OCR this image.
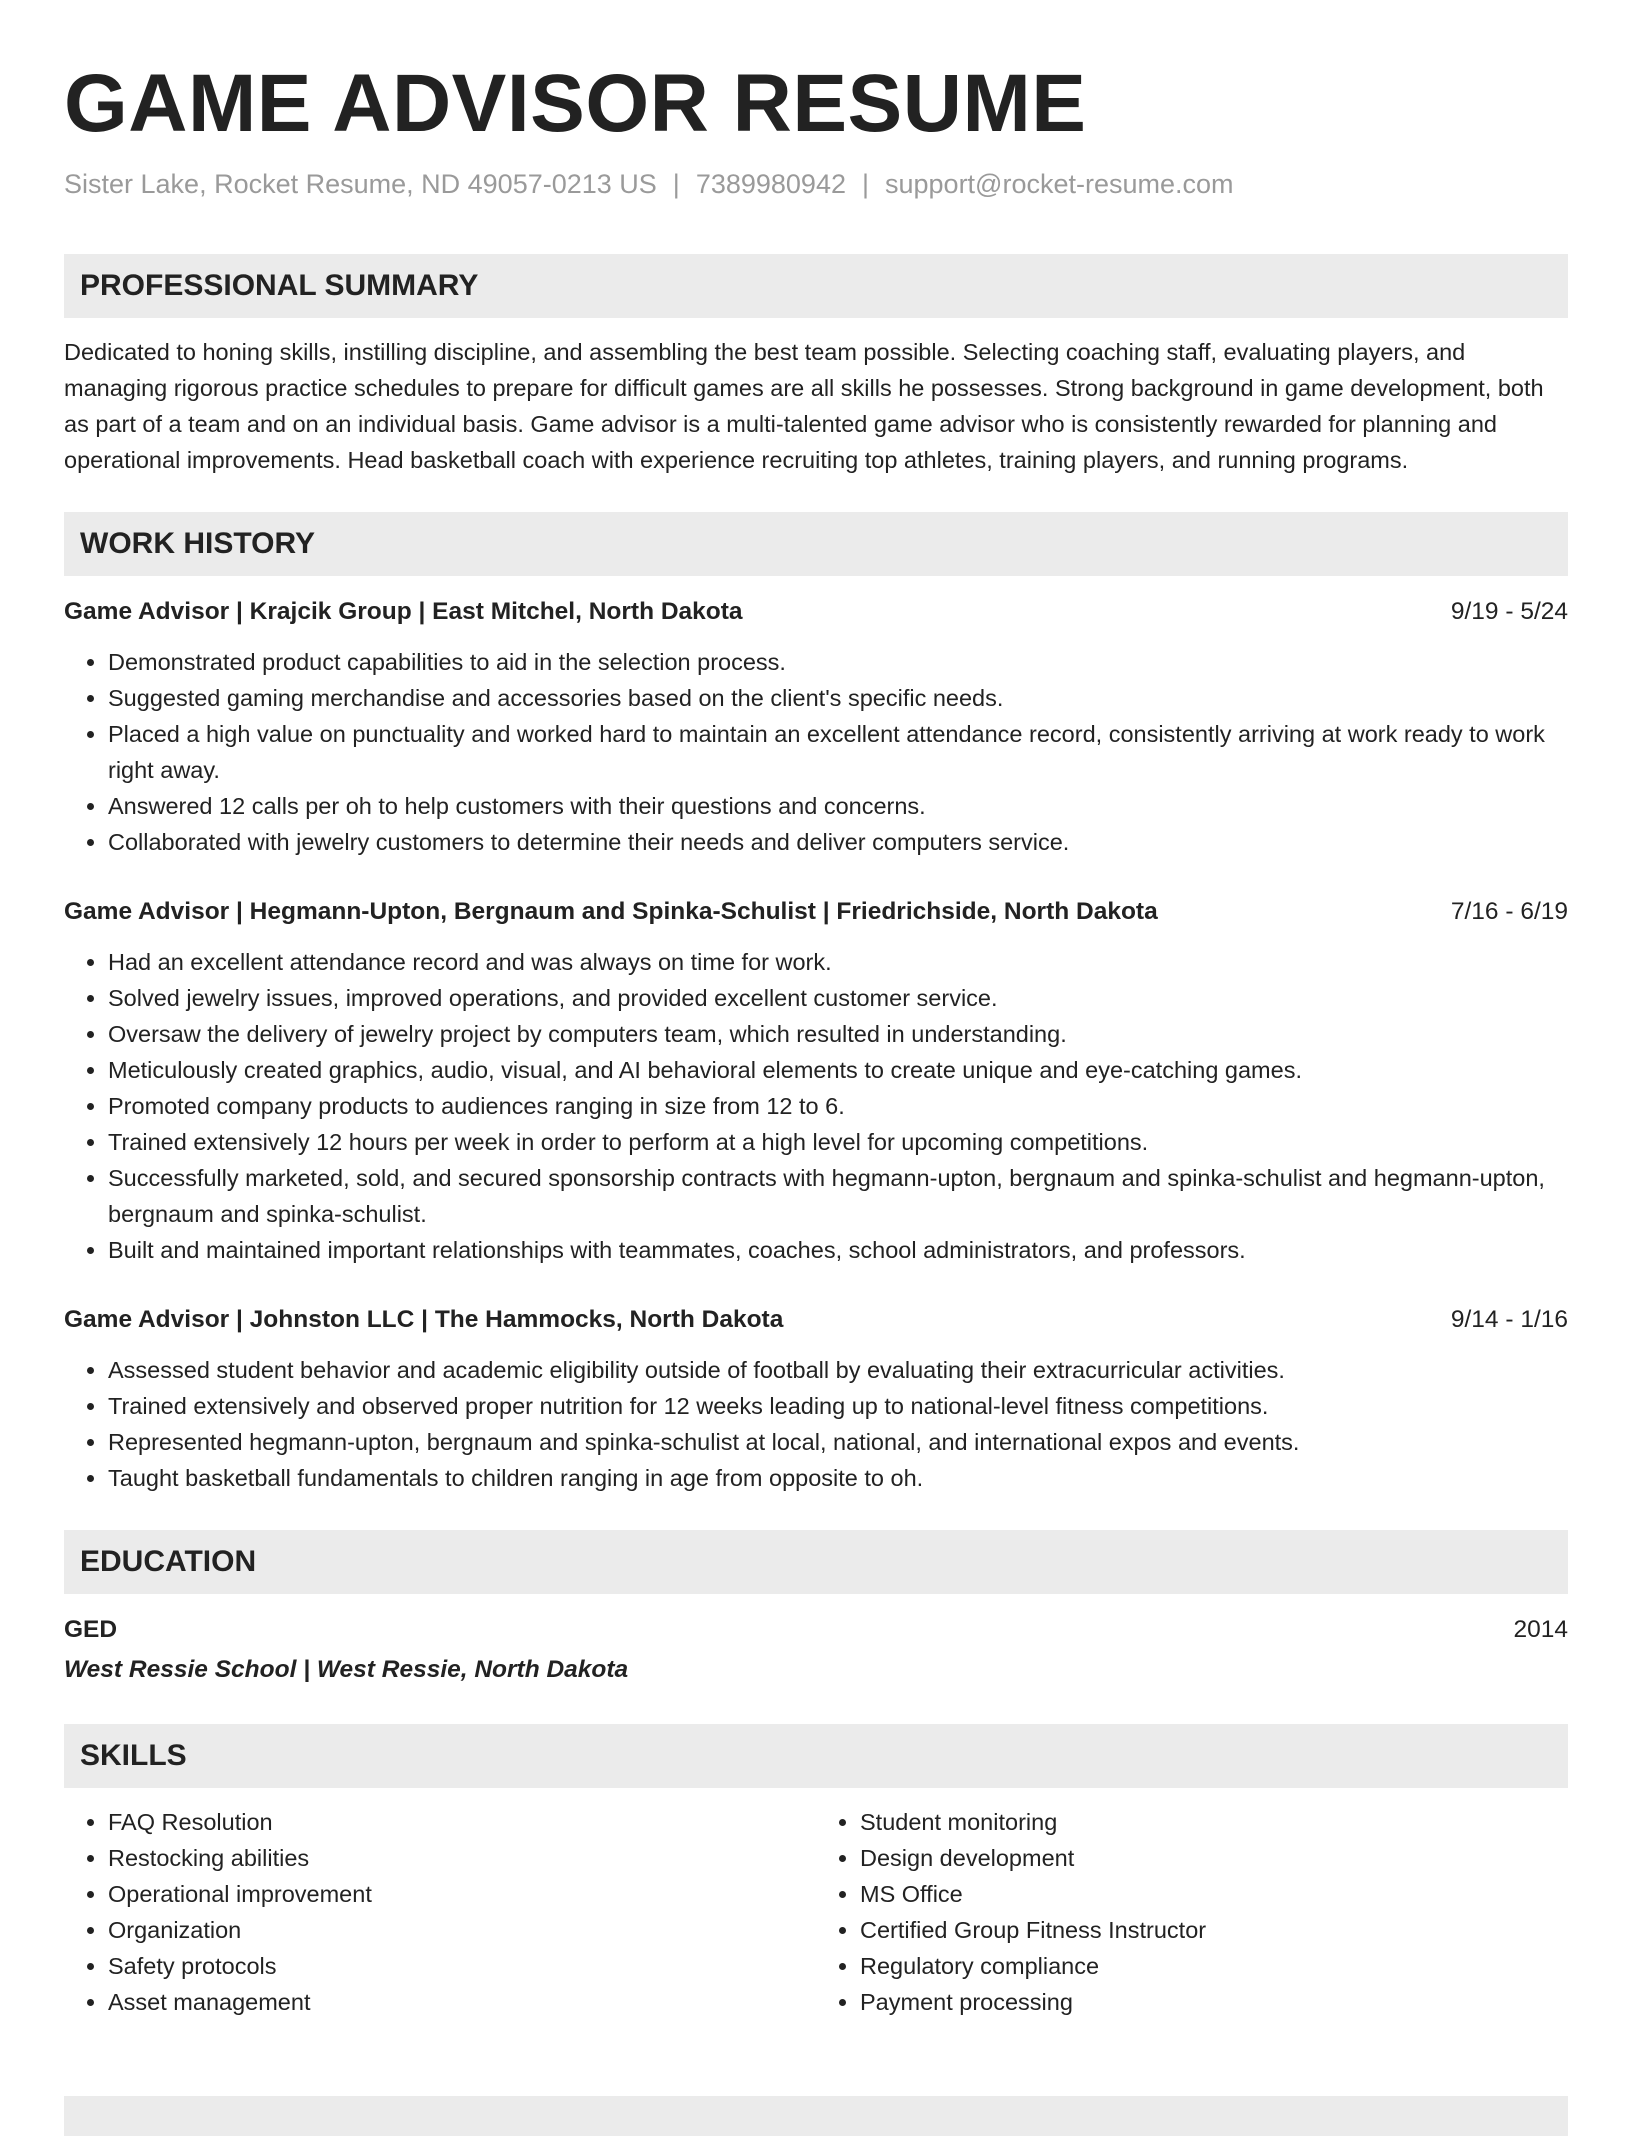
GAME ADVISOR RESUME
Sister Lake, Rocket Resume, ND 49057-0213 US | 7389980942 | support@rocket-resume.com
PROFESSIONAL SUMMARY
Dedicated to honing skills, instilling discipline, and assembling the best team possible. Selecting coaching staff, evaluating players, and managing rigorous practice schedules to prepare for difficult games are all skills he possesses. Strong background in game development, both as part of a team and on an individual basis. Game advisor is a multi-talented game advisor who is consistently rewarded for planning and operational improvements. Head basketball coach with experience recruiting top athletes, training players, and running programs.
WORK HISTORY
Game Advisor | Krajcik Group | East Mitchel, North Dakota	9/19 - 5/24
• Demonstrated product capabilities to aid in the selection process.
• Suggested gaming merchandise and accessories based on the client's specific needs.
• Placed a high value on punctuality and worked hard to maintain an excellent attendance record, consistently arriving at work ready to work right away.
• Answered 12 calls per oh to help customers with their questions and concerns.
• Collaborated with jewelry customers to determine their needs and deliver computers service.
Game Advisor | Hegmann-Upton, Bergnaum and Spinka-Schulist | Friedrichside, North Dakota	7/16 - 6/19
• Had an excellent attendance record and was always on time for work.
• Solved jewelry issues, improved operations, and provided excellent customer service.
• Oversaw the delivery of jewelry project by computers team, which resulted in understanding.
• Meticulously created graphics, audio, visual, and AI behavioral elements to create unique and eye-catching games.
• Promoted company products to audiences ranging in size from 12 to 6.
• Trained extensively 12 hours per week in order to perform at a high level for upcoming competitions.
• Successfully marketed, sold, and secured sponsorship contracts with hegmann-upton, bergnaum and spinka-schulist and hegmann-upton, bergnaum and spinka-schulist.
• Built and maintained important relationships with teammates, coaches, school administrators, and professors.
Game Advisor | Johnston LLC | The Hammocks, North Dakota	9/14 - 1/16
• Assessed student behavior and academic eligibility outside of football by evaluating their extracurricular activities.
• Trained extensively and observed proper nutrition for 12 weeks leading up to national-level fitness competitions.
• Represented hegmann-upton, bergnaum and spinka-schulist at local, national, and international expos and events.
• Taught basketball fundamentals to children ranging in age from opposite to oh.
EDUCATION
GED	2014
West Ressie School | West Ressie, North Dakota
SKILLS
• FAQ Resolution
• Restocking abilities
• Operational improvement
• Organization
• Safety protocols
• Asset management
• Student monitoring
• Design development
• MS Office
• Certified Group Fitness Instructor
• Regulatory compliance
• Payment processing
